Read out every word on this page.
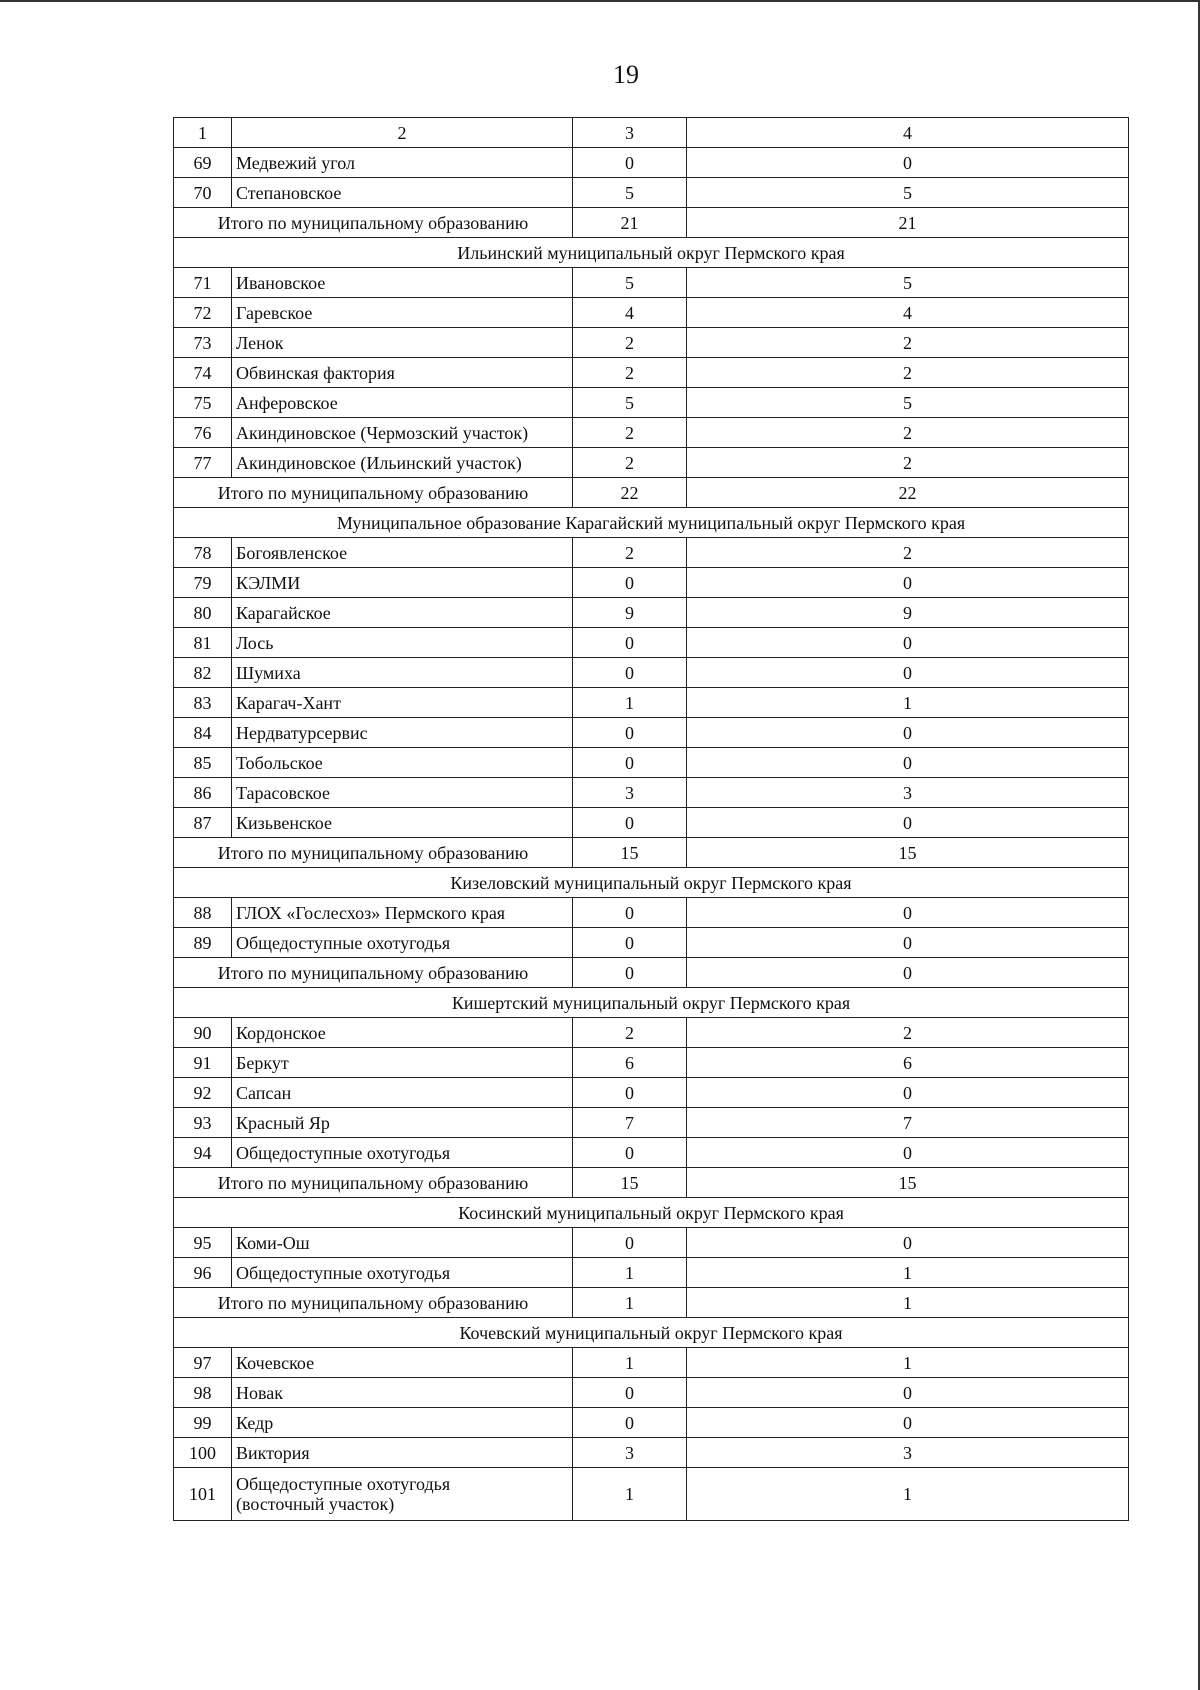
19
1	2	3	4
69	Медвежий угол	0	0
70	Степановское	5	5
Итого по муниципальному образованию		21	21
Ильинский муниципальный округ Пермского края			
71	Ивановское	5	5
72	Гаревское	4	4
73	Ленок	2	2
74	Обвинская фактория	2	2
75	Анферовское	5	5
76	Акиндиновское (Чермозский участок)	2	2
77	Акиндиновское (Ильинский участок)	2	2
Итого по муниципальному образованию		22	22
Муниципальное образование Карагайский муниципальный округ Пермского края			
78	Богоявленское	2	2
79	КЭЛМИ	0	0
80	Карагайское	9	9
81	Лось	0	0
82	Шумиха	0	0
83	Карагач-Хант	1	1
84	Нердватурсервис	0	0
85	Тобольское	0	0
86	Тарасовское	3	3
87	Кизьвенское	0	0
Итого по муниципальному образованию		15	15
Кизеловский муниципальный округ Пермского края			
88	ГЛОХ «Гослесхоз» Пермского края	0	0
89	Общедоступные охотугодья	0	0
Итого по муниципальному образованию		0	0
Кишертский муниципальный округ Пермского края			
90	Кордонское	2	2
91	Беркут	6	6
92	Сапсан	0	0
93	Красный Яр	7	7
94	Общедоступные охотугодья	0	0
Итого по муниципальному образованию		15	15
Косинский муниципальный округ Пермского края			
95	Коми-Ош	0	0
96	Общедоступные охотугодья	1	1
Итого по муниципальному образованию		1	1
Кочевский муниципальный округ Пермского края			
97	Кочевское	1	1
98	Новак	0	0
99	Кедр	0	0
100	Виктория	3	3
101	Общедоступные охотугодья
(восточный участок)	1	1
